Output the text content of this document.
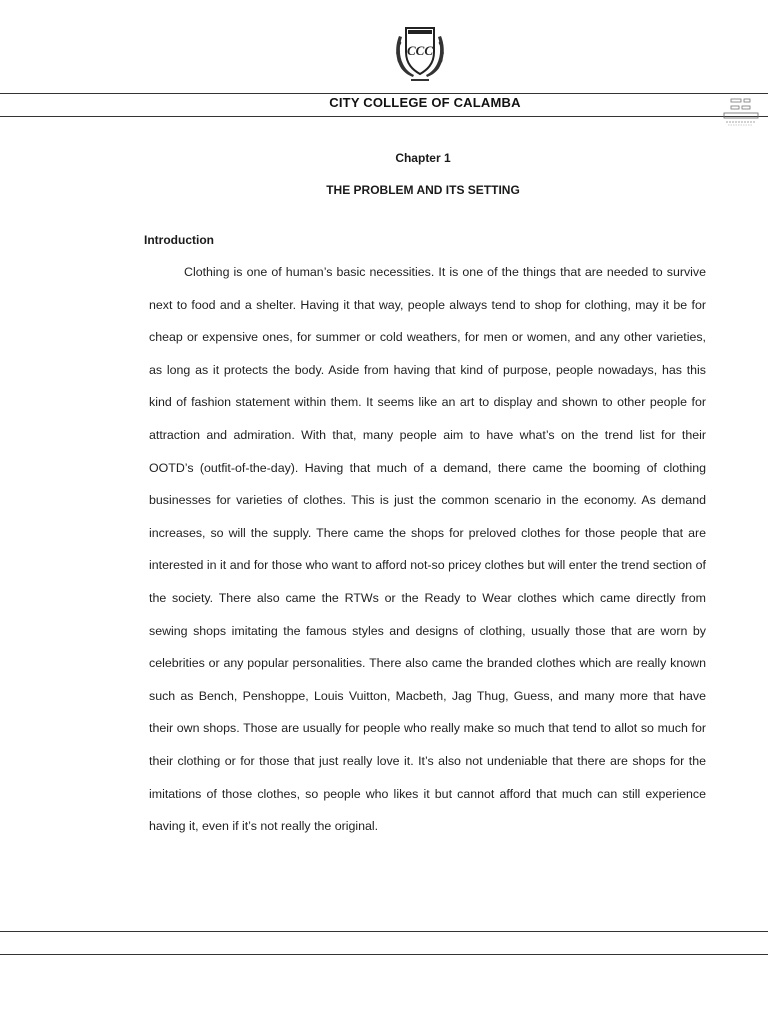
CCC
CITY COLLEGE OF CALAMBA
Chapter 1
THE PROBLEM AND ITS SETTING
Introduction

Clothing is one of human’s basic necessities. It is one of the things that are needed to survive next to food and a shelter. Having it that way, people always tend to shop for clothing, may it be for cheap or expensive ones, for summer or cold weathers, for men or women, and any other varieties, as long as it protects the body. Aside from having that kind of purpose, people nowadays, has this kind of fashion statement within them. It seems like an art to display and shown to other people for attraction and admiration. With that, many people aim to have what’s on the trend list for their OOTD’s (outfit-of-the-day). Having that much of a demand, there came the booming of clothing businesses for varieties of clothes. This is just the common scenario in the economy. As demand increases, so will the supply. There came the shops for preloved clothes for those people that are interested in it and for those who want to afford not-so pricey clothes but will enter the trend section of the society. There also came the RTWs or the Ready to Wear clothes which came directly from sewing shops imitating the famous styles and designs of clothing, usually those that are worn by celebrities or any popular personalities. There also came the branded clothes which are really known such as Bench, Penshoppe, Louis Vuitton, Macbeth, Jag Thug, Guess, and many more that have their own shops. Those are usually for people who really make so much that tend to allot so much for their clothing or for those that just really love it. It’s also not undeniable that there are shops for the imitations of those clothes, so people who likes it but cannot afford that much can still experience having it, even if it’s not really the original.
